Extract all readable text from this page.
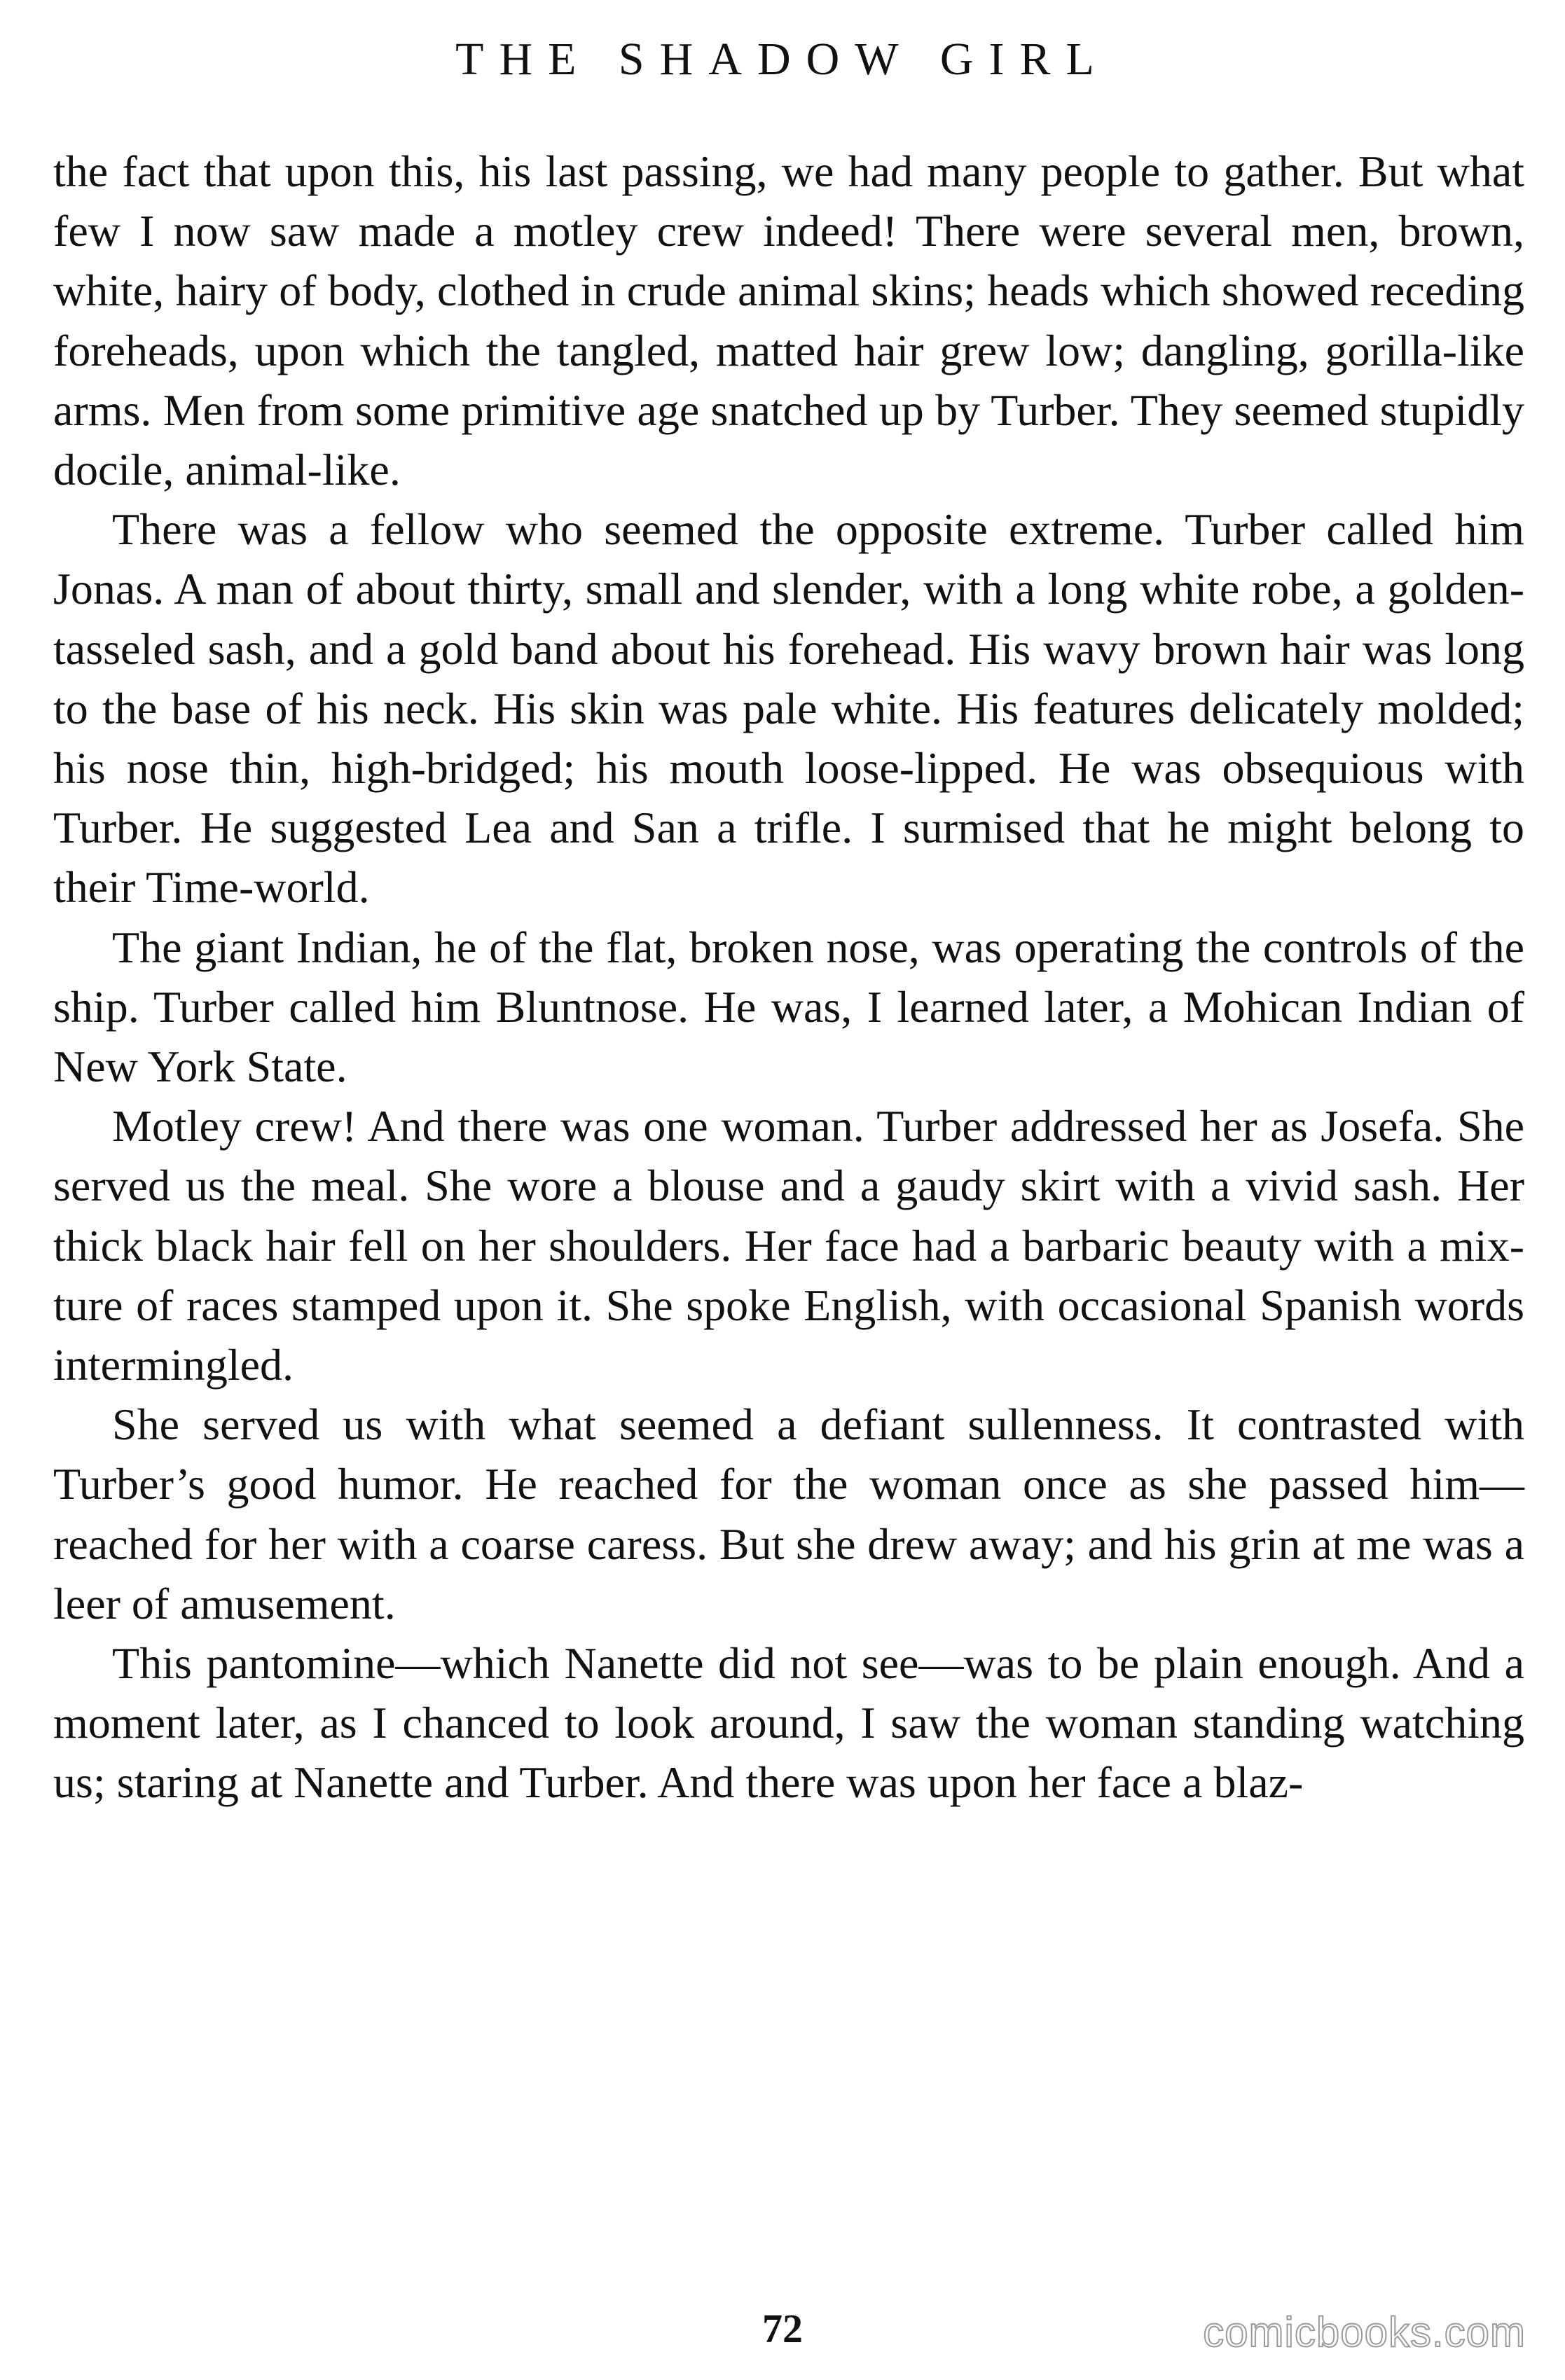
THE SHADOW GIRL

the fact that upon this, his last passing, we had many people to gather. But what few I now saw made a motley crew indeed! There were several men, brown, white, hairy of body, clothed in crude animal skins; heads which showed receding foreheads, upon which the tangled, matted hair grew low; dangling, gorilla-like arms. Men from some primitive age snatched up by Turber. They seemed stupidly docile, animal-like.

There was a fellow who seemed the opposite extreme. Turber called him Jonas. A man of about thirty, small and slender, with a long white robe, a golden-tasseled sash, and a gold band about his forehead. His wavy brown hair was long to the base of his neck. His skin was pale white. His features delicately molded; his nose thin, high-bridged; his mouth loose-lipped. He was obsequious with Turber. He suggested Lea and San a trifle. I surmised that he might belong to their Time-world.

The giant Indian, he of the flat, broken nose, was operating the controls of the ship. Turber called him Bluntnose. He was, I learned later, a Mohican Indian of New York State.

Motley crew! And there was one woman. Turber addressed her as Josefa. She served us the meal. She wore a blouse and a gaudy skirt with a vivid sash. Her thick black hair fell on her shoulders. Her face had a barbaric beauty with a mixture of races stamped upon it. She spoke English, with occasional Spanish words intermingled.

She served us with what seemed a defiant sullenness. It contrasted with Turber’s good humor. He reached for the woman once as she passed him—reached for her with a coarse caress. But she drew away; and his grin at me was a leer of amusement.

This pantomine—which Nanette did not see—was to be plain enough. And a moment later, as I chanced to look around, I saw the woman standing watching us; staring at Nanette and Turber. And there was upon her face a blaz-

72	comicbooks.com
